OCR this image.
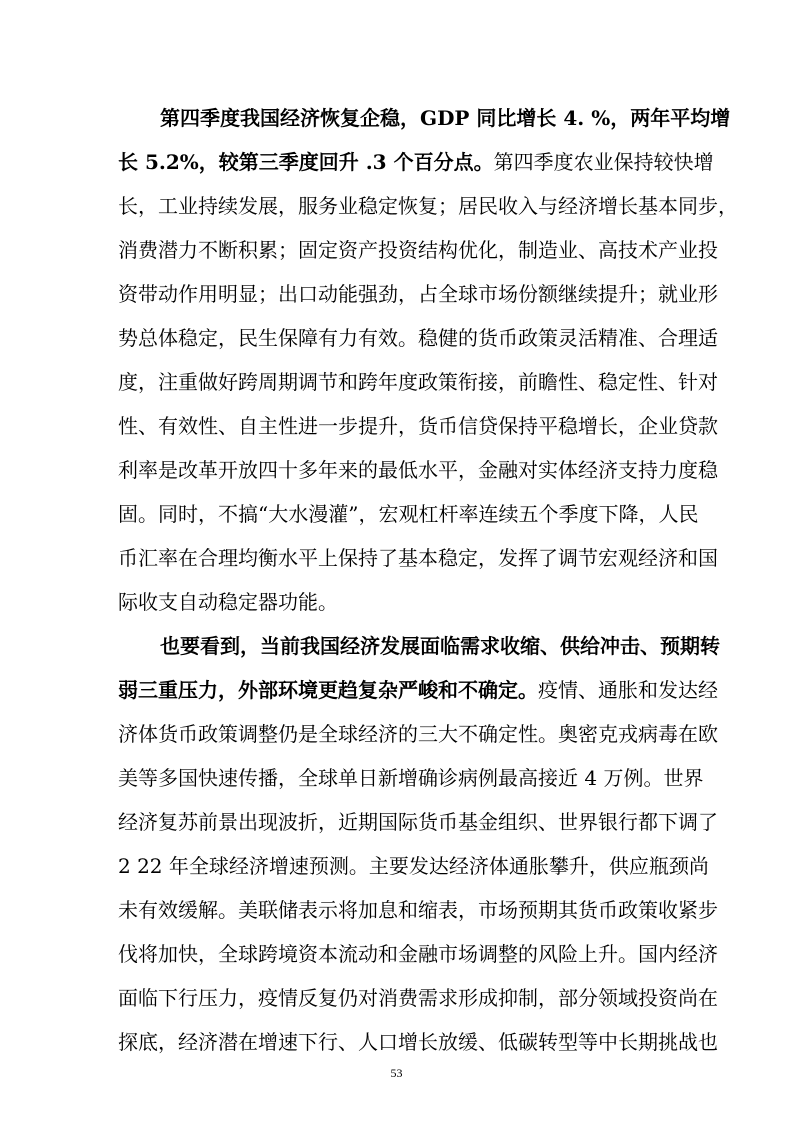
第四季度我国经济恢复企稳，GDP 同比增长 4. %，两年平均增
长 5.2%，较第三季度回升 .3 个百分点。第四季度农业保持较快增
长，工业持续发展，服务业稳定恢复；居民收入与经济增长基本同步，
消费潜力不断积累；固定资产投资结构优化，制造业、高技术产业投
资带动作用明显；出口动能强劲，占全球市场份额继续提升；就业形
势总体稳定，民生保障有力有效。稳健的货币政策灵活精准、合理适
度，注重做好跨周期调节和跨年度政策衔接，前瞻性、稳定性、针对
性、有效性、自主性进一步提升，货币信贷保持平稳增长，企业贷款
利率是改革开放四十多年来的最低水平，金融对实体经济支持力度稳
固。同时，不搞“大水漫灌”，宏观杠杆率连续五个季度下降，人民
币汇率在合理均衡水平上保持了基本稳定，发挥了调节宏观经济和国
际收支自动稳定器功能。
也要看到，当前我国经济发展面临需求收缩、供给冲击、预期转
弱三重压力，外部环境更趋复杂严峻和不确定。疫情、通胀和发达经
济体货币政策调整仍是全球经济的三大不确定性。奥密克戎病毒在欧
美等多国快速传播，全球单日新增确诊病例最高接近 4 万例。世界
经济复苏前景出现波折，近期国际货币基金组织、世界银行都下调了
2 22 年全球经济增速预测。主要发达经济体通胀攀升，供应瓶颈尚
未有效缓解。美联储表示将加息和缩表，市场预期其货币政策收紧步
伐将加快，全球跨境资本流动和金融市场调整的风险上升。国内经济
面临下行压力，疫情反复仍对消费需求形成抑制，部分领域投资尚在
探底，经济潜在增速下行、人口增长放缓、低碳转型等中长期挑战也
53
